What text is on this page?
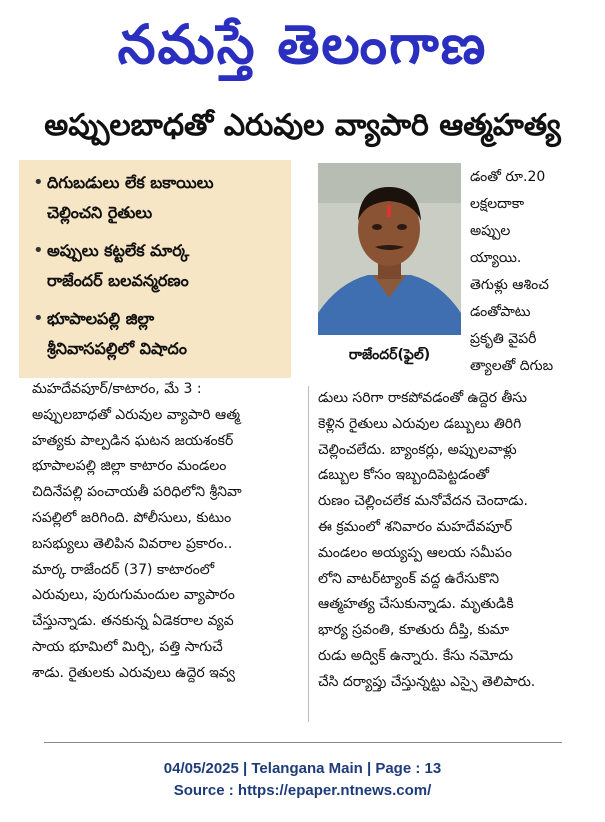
నమస్తే తెలంగాణ
అప్పులబాధతో ఎరువుల వ్యాపారి ఆత్మహత్య
• దిగుబడులు లేక బకాయిలు
చెల్లించని రైతులు
• అప్పులు కట్టలేక మార్క
రాజేందర్ బలవన్మరణం
• భూపాలపల్లి జిల్లా
శ్రీనివాసపల్లిలో విషాదం	రాజేందర్(ఫైల్)
డంతో రూ.20
లక్షలదాకా
అప్పుల
య్యాయి.
తెగుళ్లు ఆశించ
డంతోపాటు
ప్రకృతి వైపరీ
త్యాలతో దిగుబ
మహదేవపూర్/కాటారం, మే 3 :
అప్పులబాధతో ఎరువుల వ్యాపారి ఆత్మ
హత్యకు పాల్పడిన ఘటన జయశంకర్
భూపాలపల్లి జిల్లా కాటారం మండలం
చిదినేపల్లి పంచాయతీ పరిధిలోని శ్రీనివా
సపల్లిలో జరిగింది. పోలీసులు, కుటుం
బసభ్యులు తెలిపిన వివరాల ప్రకారం..
మార్క రాజేందర్ (37) కాటారంలో
ఎరువులు, పురుగుమందుల వ్యాపారం
చేస్తున్నాడు. తనకున్న ఏడెకరాల వ్యవ
సాయ భూమిలో మిర్చి, పత్తి సాగుచే
శాడు. రైతులకు ఎరువులు ఉద్దెర ఇవ్వ
డులు సరిగా రాకపోవడంతో ఉద్దెర తీసు
కెళ్లిన రైతులు ఎరువుల డబ్బులు తిరిగి
చెల్లించలేదు. బ్యాంకర్లు, అప్పులవాళ్లు
డబ్బుల కోసం ఇబ్బందిపెట్టడంతో
రుణం చెల్లించలేక మనోవేదన చెందాడు.
ఈ క్రమంలో శనివారం మహదేవపూర్
మండలం అయ్యప్ప ఆలయ సమీపం
లోని వాటర్‌ట్యాంక్ వద్ద ఉరేసుకొని
ఆత్మహత్య చేసుకున్నాడు. మృతుడికి
భార్య స్రవంతి, కూతురు దీప్తి, కుమా
రుడు అద్విక్ ఉన్నారు. కేసు నమోదు
చేసి దర్యాప్తు చేస్తున్నట్టు ఎస్సై తెలిపారు.
04/05/2025 | Telangana Main | Page : 13
Source : https://epaper.ntnews.com/
